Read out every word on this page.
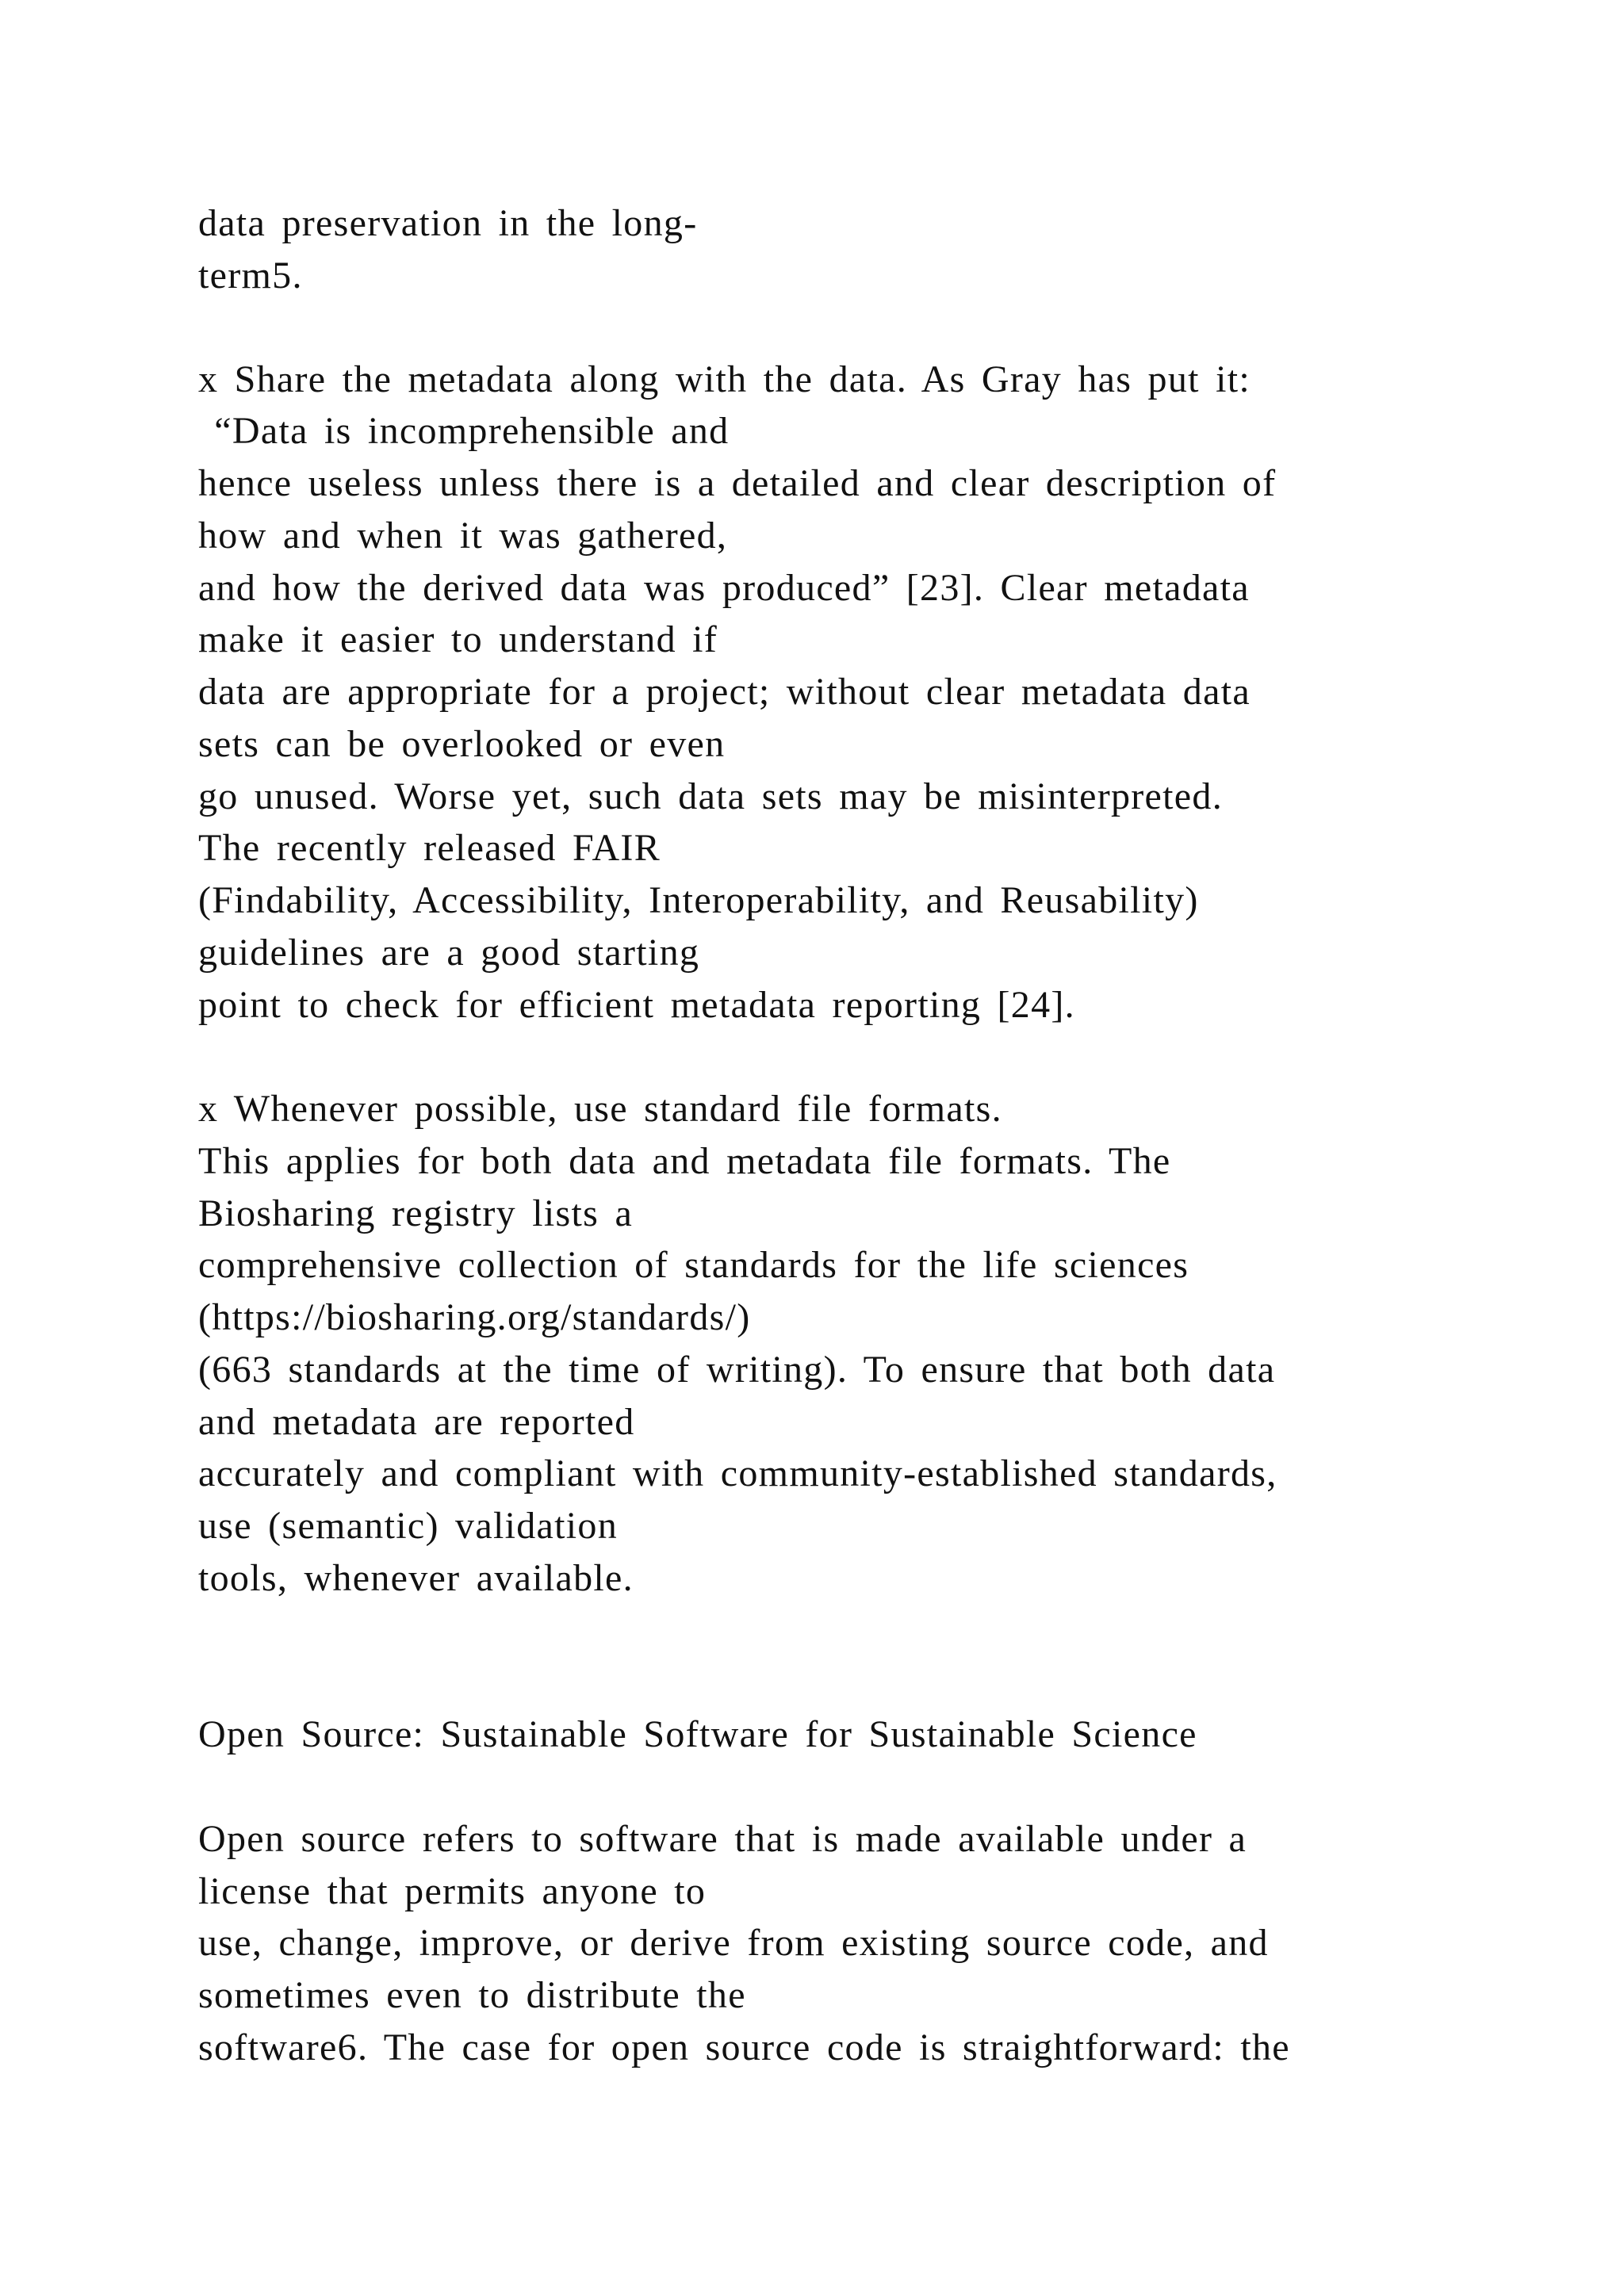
data preservation in the long-
term5.
x Share the metadata along with the data. As Gray has put it:
“Data is incomprehensible and
hence useless unless there is a detailed and clear description of
how and when it was gathered,
and how the derived data was produced” [23]. Clear metadata
make it easier to understand if
data are appropriate for a project; without clear metadata data
sets can be overlooked or even
go unused. Worse yet, such data sets may be misinterpreted.
The recently released FAIR
(Findability, Accessibility, Interoperability, and Reusability)
guidelines are a good starting
point to check for efficient metadata reporting [24].
x Whenever possible, use standard file formats.
This applies for both data and metadata file formats. The
Biosharing registry lists a
comprehensive collection of standards for the life sciences
(https://biosharing.org/standards/)
(663 standards at the time of writing). To ensure that both data
and metadata are reported
accurately and compliant with community-established standards,
use (semantic) validation
tools, whenever available.
Open Source: Sustainable Software for Sustainable Science
Open source refers to software that is made available under a
license that permits anyone to
use, change, improve, or derive from existing source code, and
sometimes even to distribute the
software6. The case for open source code is straightforward: the
